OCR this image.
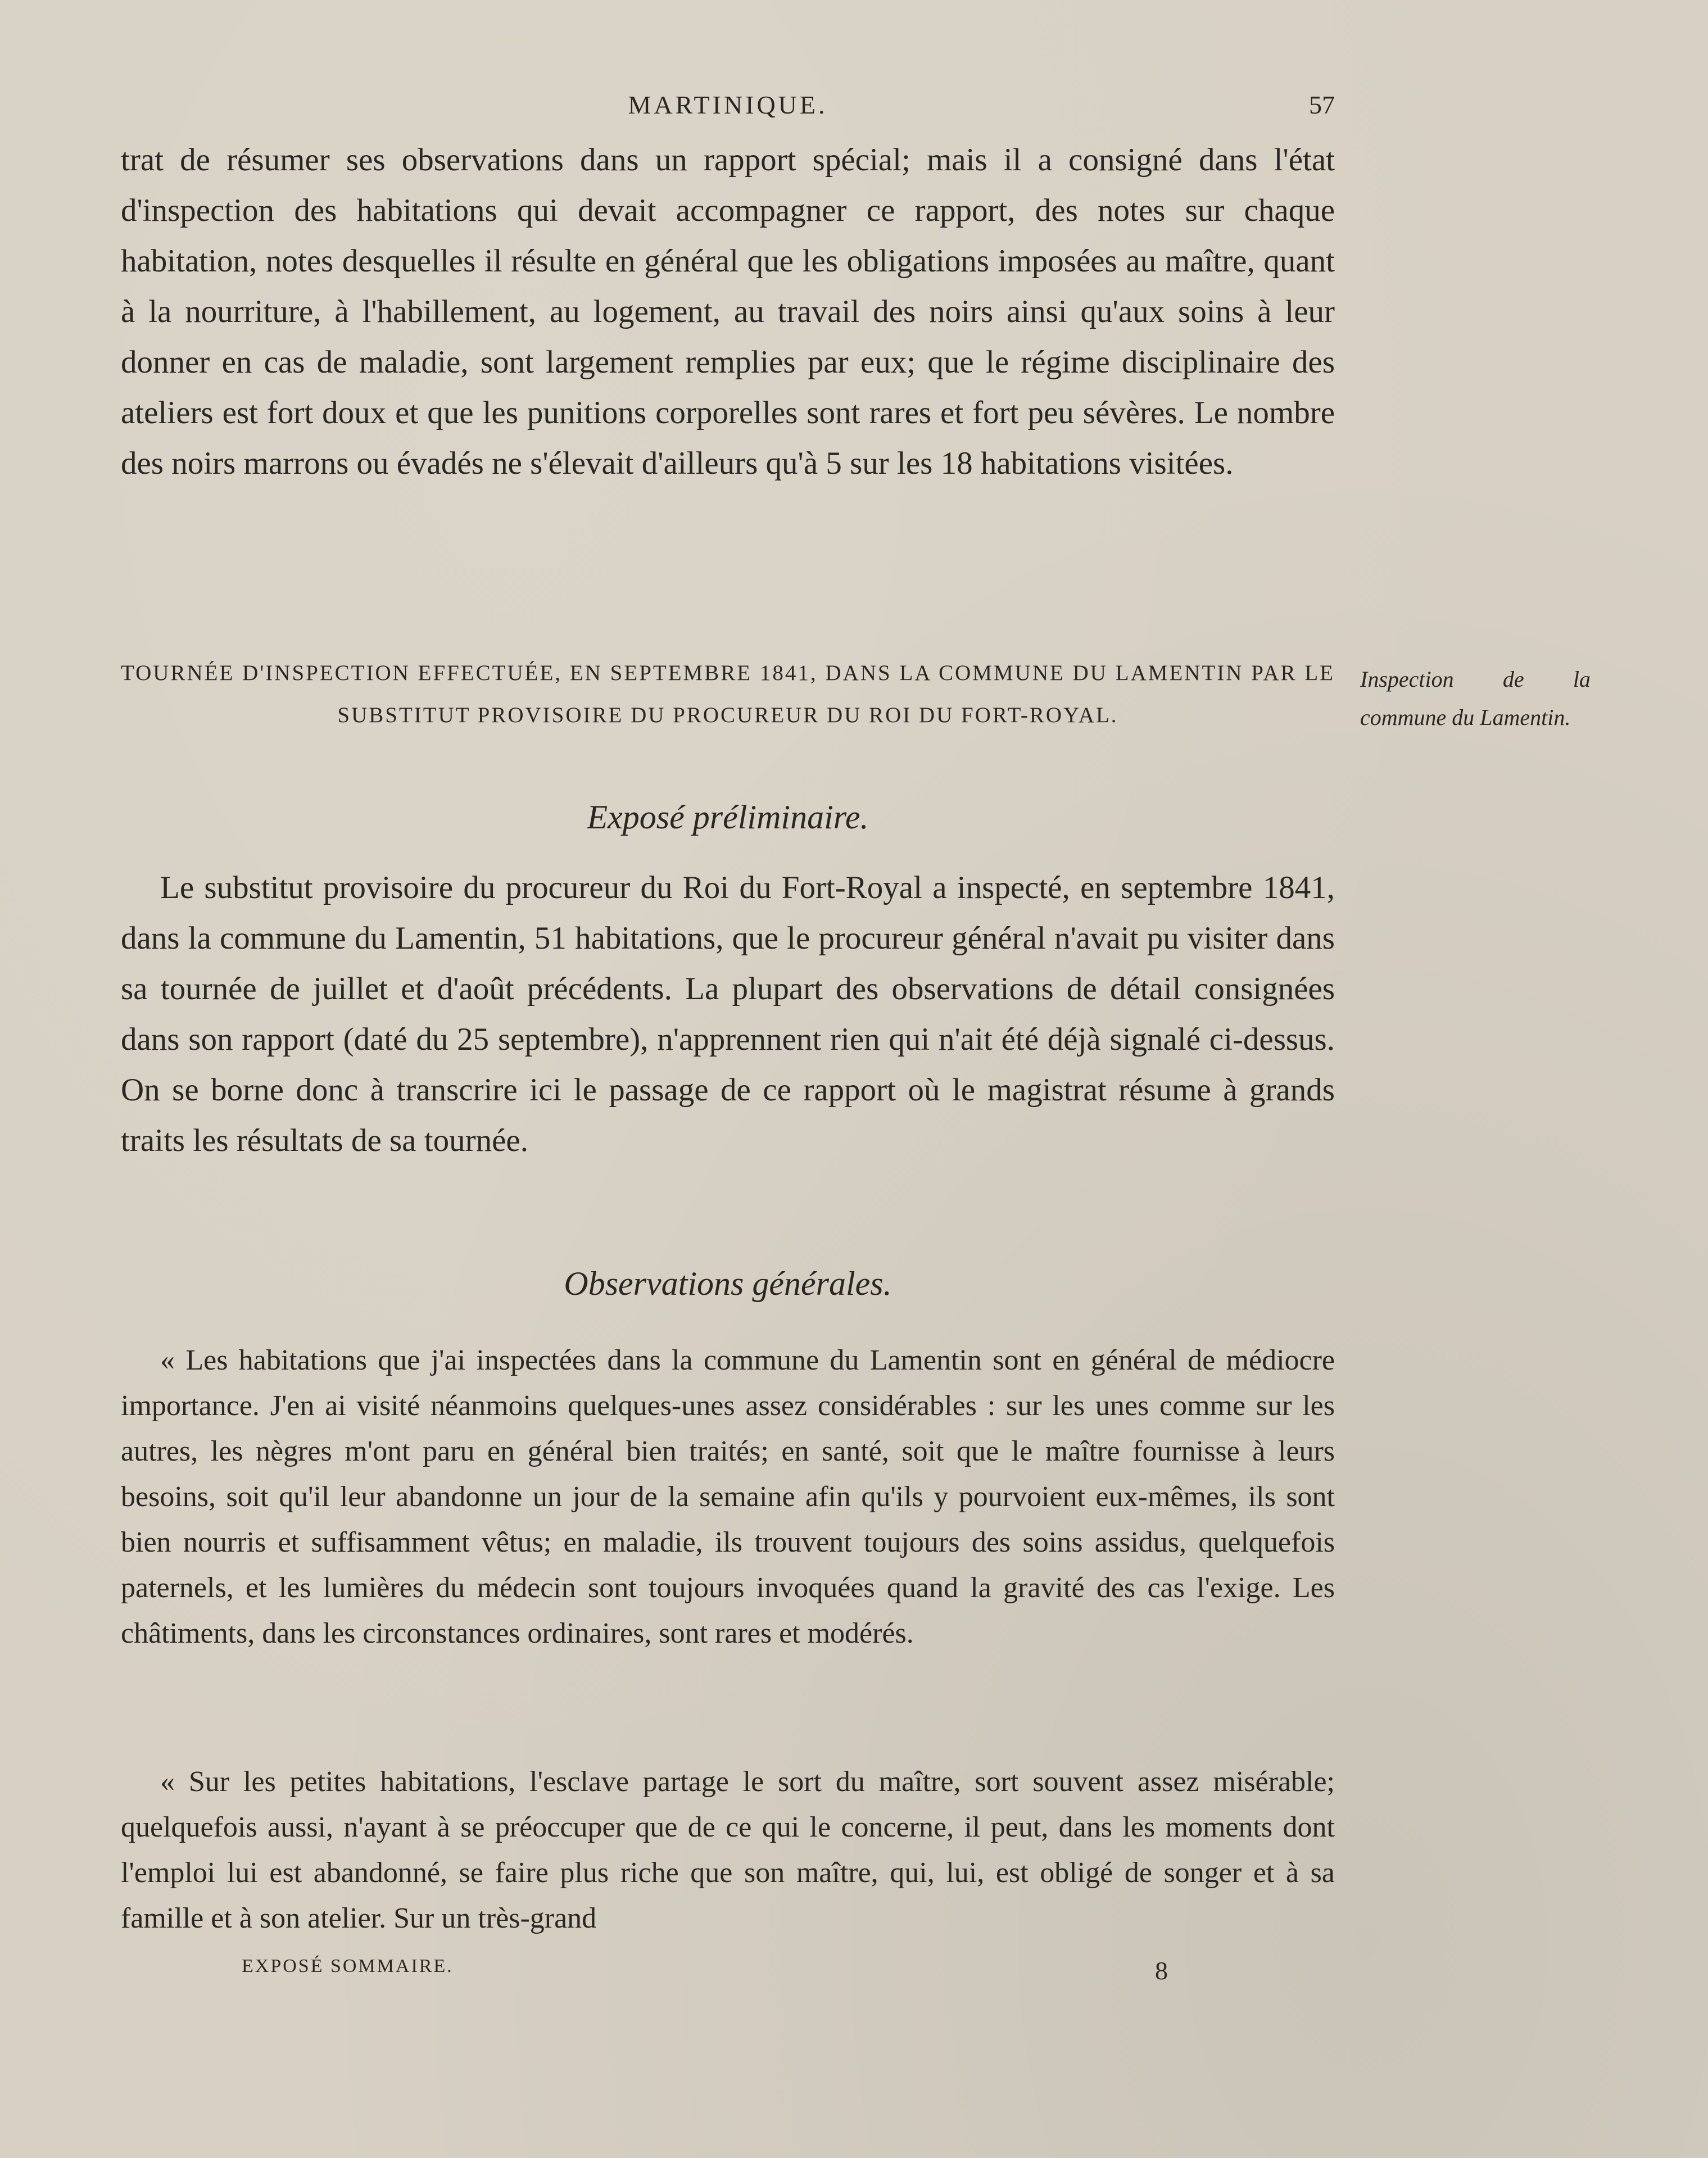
MARTINIQUE.	57

trat de résumer ses observations dans un rapport spécial; mais il a consigné dans l'état d'inspection des habitations qui devait accompagner ce rapport, des notes sur chaque habitation, notes desquelles il résulte en général que les obligations imposées au maître, quant à la nourriture, à l'habillement, au logement, au travail des noirs ainsi qu'aux soins à leur donner en cas de maladie, sont largement remplies par eux; que le régime disciplinaire des ateliers est fort doux et que les punitions corporelles sont rares et fort peu sévères. Le nombre des noirs marrons ou évadés ne s'élevait d'ailleurs qu'à 5 sur les 18 habitations visitées.

TOURNÉE D'INSPECTION EFFECTUÉE, EN SEPTEMBRE 1841, DANS LA COMMUNE DU LAMENTIN PAR LE SUBSTITUT PROVISOIRE DU PROCUREUR DU ROI DU FORT-ROYAL.
Inspection de la commune du Lamentin.
Exposé préliminaire.

Le substitut provisoire du procureur du Roi du Fort-Royal a inspecté, en septembre 1841, dans la commune du Lamentin, 51 habitations, que le procureur général n'avait pu visiter dans sa tournée de juillet et d'août précédents. La plupart des observations de détail consignées dans son rapport (daté du 25 septembre), n'apprennent rien qui n'ait été déjà signalé ci-dessus. On se borne donc à transcrire ici le passage de ce rapport où le magistrat résume à grands traits les résultats de sa tournée.

Observations générales.

« Les habitations que j'ai inspectées dans la commune du Lamentin sont en général de médiocre importance. J'en ai visité néanmoins quelques-unes assez considérables : sur les unes comme sur les autres, les nègres m'ont paru en général bien traités; en santé, soit que le maître fournisse à leurs besoins, soit qu'il leur abandonne un jour de la semaine afin qu'ils y pourvoient eux-mêmes, ils sont bien nourris et suffisamment vêtus; en maladie, ils trouvent toujours des soins assidus, quelquefois paternels, et les lumières du médecin sont toujours invoquées quand la gravité des cas l'exige. Les châtiments, dans les circonstances ordinaires, sont rares et modérés.

« Sur les petites habitations, l'esclave partage le sort du maître, sort souvent assez misérable; quelquefois aussi, n'ayant à se préoccuper que de ce qui le concerne, il peut, dans les moments dont l'emploi lui est abandonné, se faire plus riche que son maître, qui, lui, est obligé de songer et à sa famille et à son atelier. Sur un très-grand

EXPOSÉ SOMMAIRE.	8
